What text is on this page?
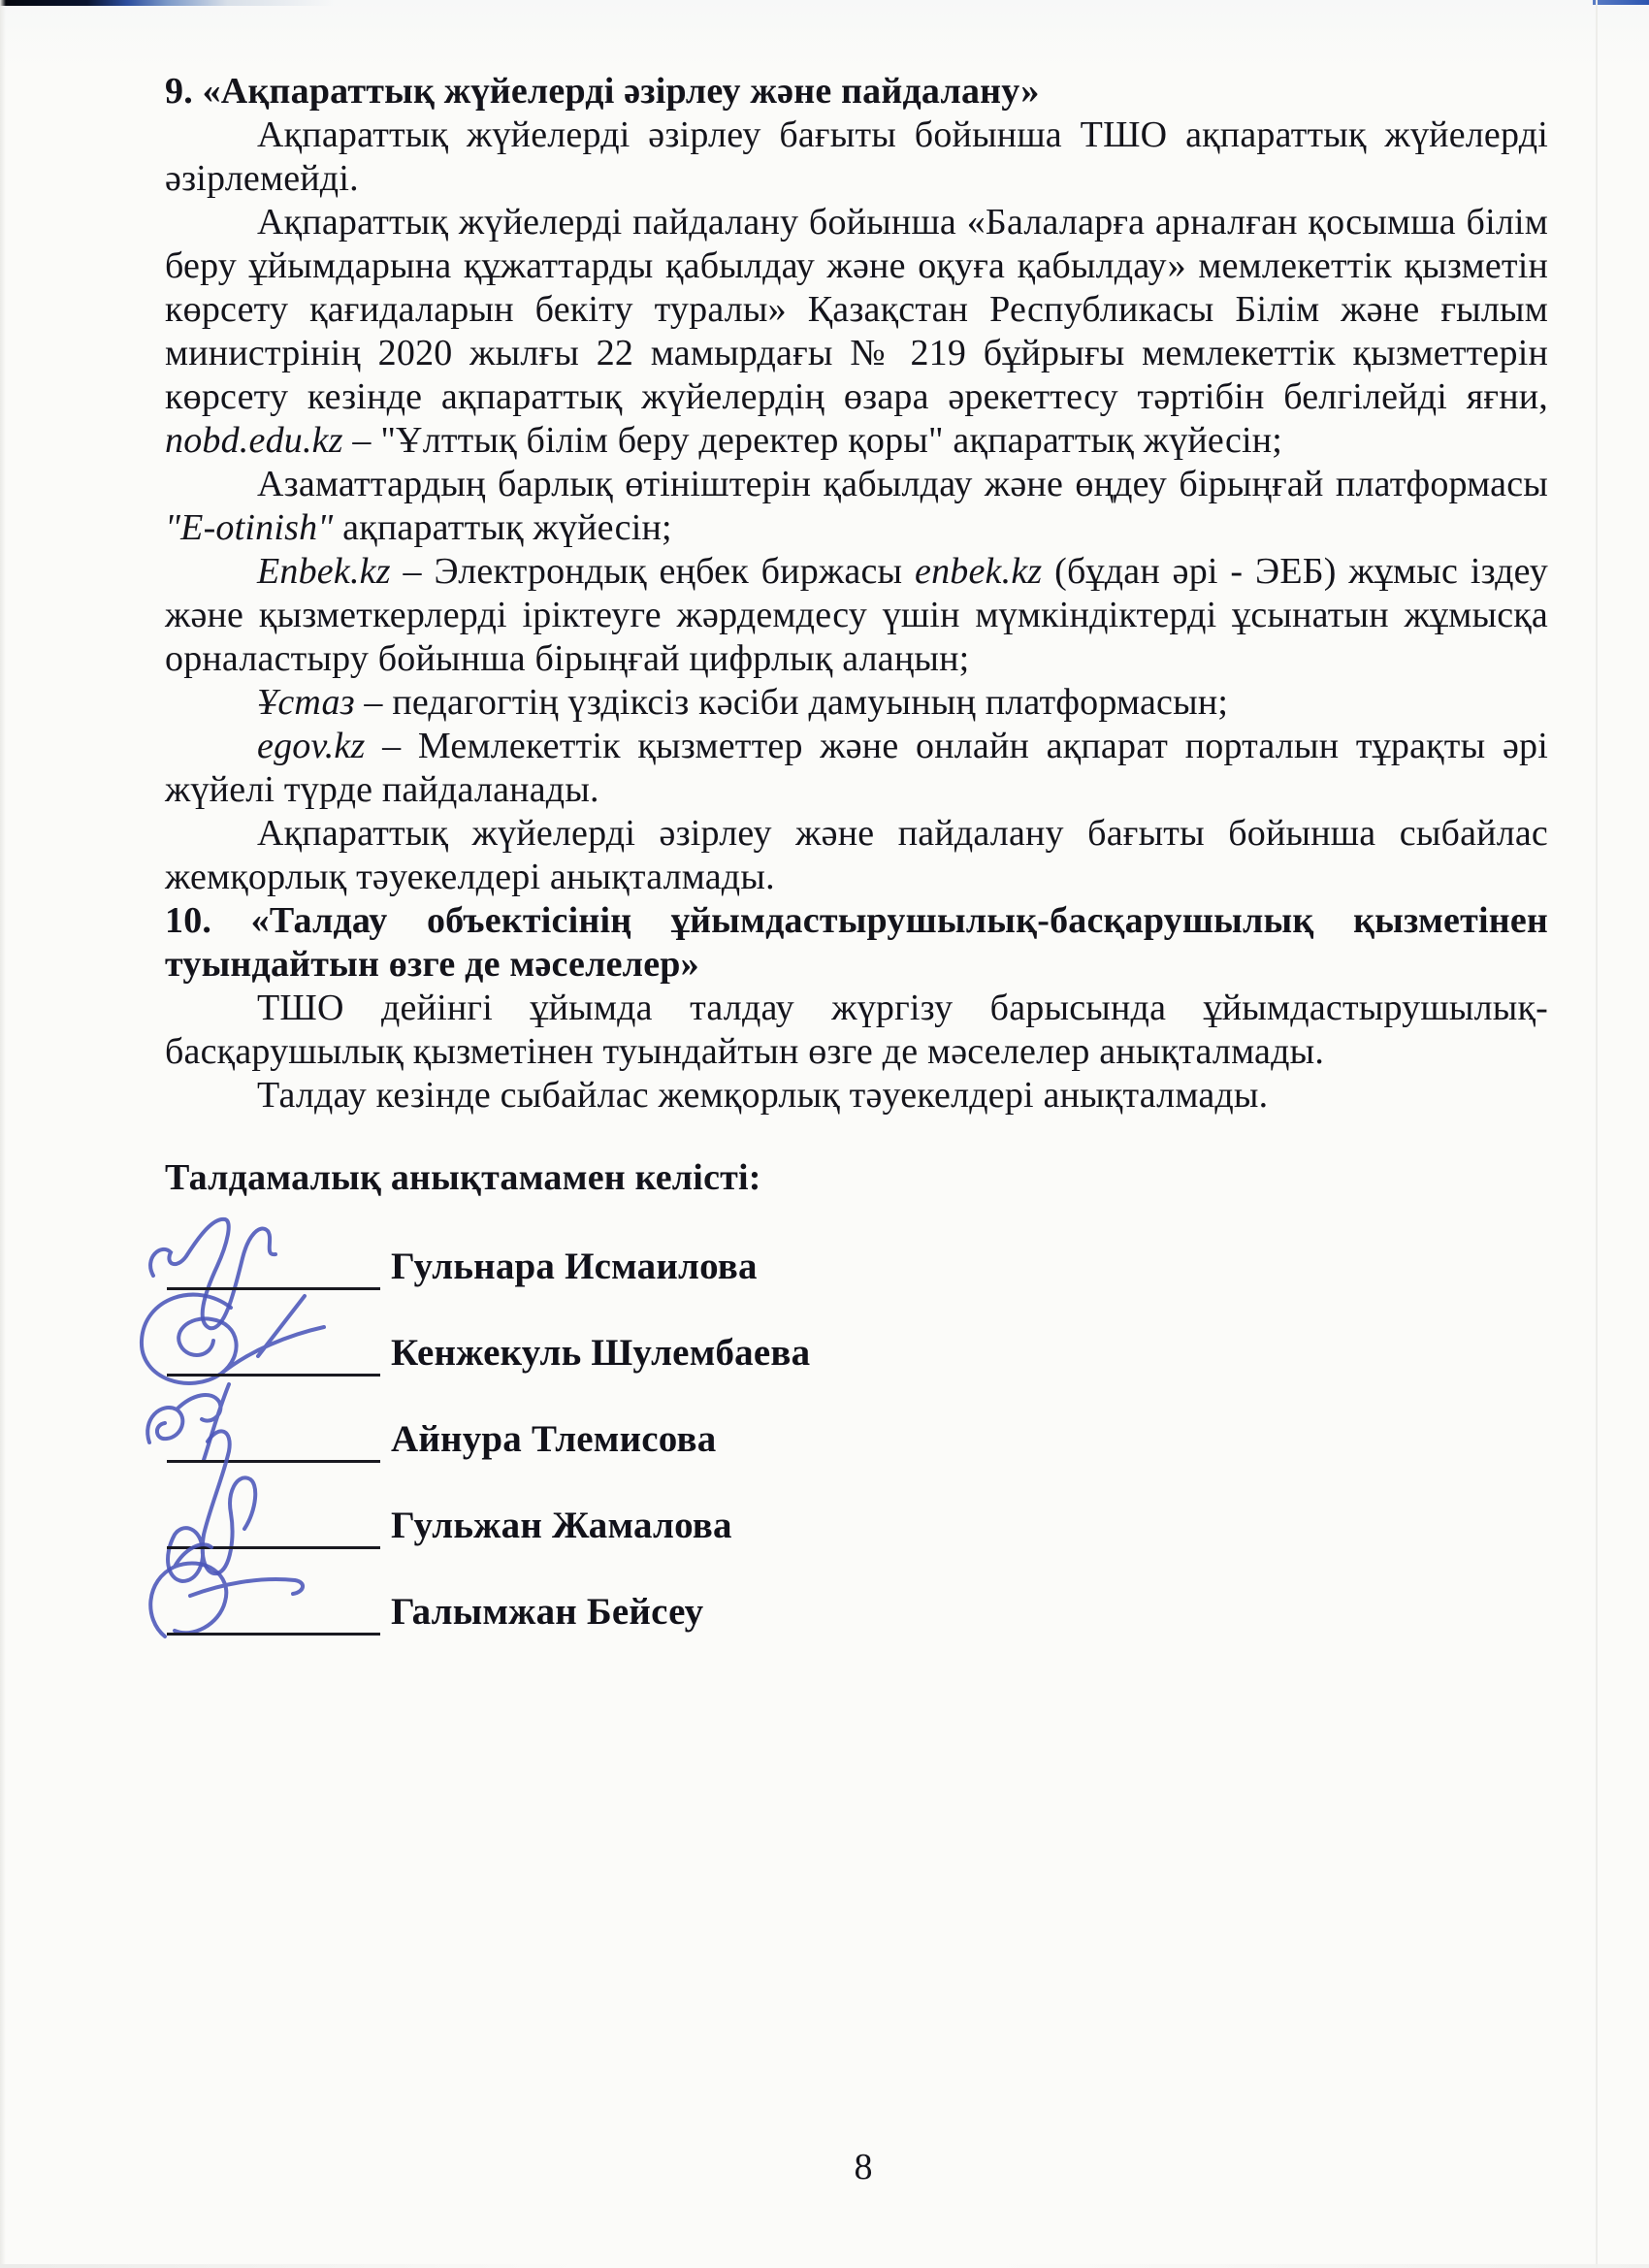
9. «Ақпараттық жүйелерді әзірлеу және пайдалану»

Ақпараттық жүйелерді әзірлеу бағыты бойынша ТШО ақпараттық жүйелерді әзірлемейді.

Ақпараттық жүйелерді пайдалану бойынша «Балаларға арналған қосымша білім беру ұйымдарына құжаттарды қабылдау және оқуға қабылдау» мемлекеттік қызметін көрсету қағидаларын бекіту туралы» Қазақстан Республикасы Білім және ғылым министрінің 2020 жылғы 22 мамырдағы № 219 бұйрығы мемлекеттік қызметтерін көрсету кезінде ақпараттық жүйелердің өзара әрекеттесу тәртібін белгілейді яғни, nobd.edu.kz – "Ұлттық білім беру деректер қоры" ақпараттық жүйесін;

Азаматтардың барлық өтініштерін қабылдау және өңдеу бірыңғай платформасы "E-otinish" ақпараттық жүйесін;

Enbek.kz – Электрондық еңбек биржасы enbek.kz (бұдан әрі - ЭЕБ) жұмыс іздеу және қызметкерлерді іріктеуге жәрдемдесу үшін мүмкіндіктерді ұсынатын жұмысқа орналастыру бойынша бірыңғай цифрлық алаңын;

Ұстаз – педагогтің үздіксіз кәсіби дамуының платформасын;

egov.kz – Мемлекеттік қызметтер және онлайн ақпарат порталын тұрақты әрі жүйелі түрде пайдаланады.

Ақпараттық жүйелерді әзірлеу және пайдалану бағыты бойынша сыбайлас жемқорлық тәуекелдері анықталмады.

10. «Талдау объектісінің ұйымдастырушылық-басқарушылық қызметінен туындайтын өзге де мәселелер»

ТШО дейінгі ұйымда талдау жүргізу барысында ұйымдастырушылық-басқарушылық қызметінен туындайтын өзге де мәселелер анықталмады.

Талдау кезінде сыбайлас жемқорлық тәуекелдері анықталмады.

Талдамалық анықтамамен келісті:

Гульнара Исмаилова
Кенжекуль Шулембаева
Айнура Тлемисова
Гульжан Жамалова
Галымжан Бейсеу
8
